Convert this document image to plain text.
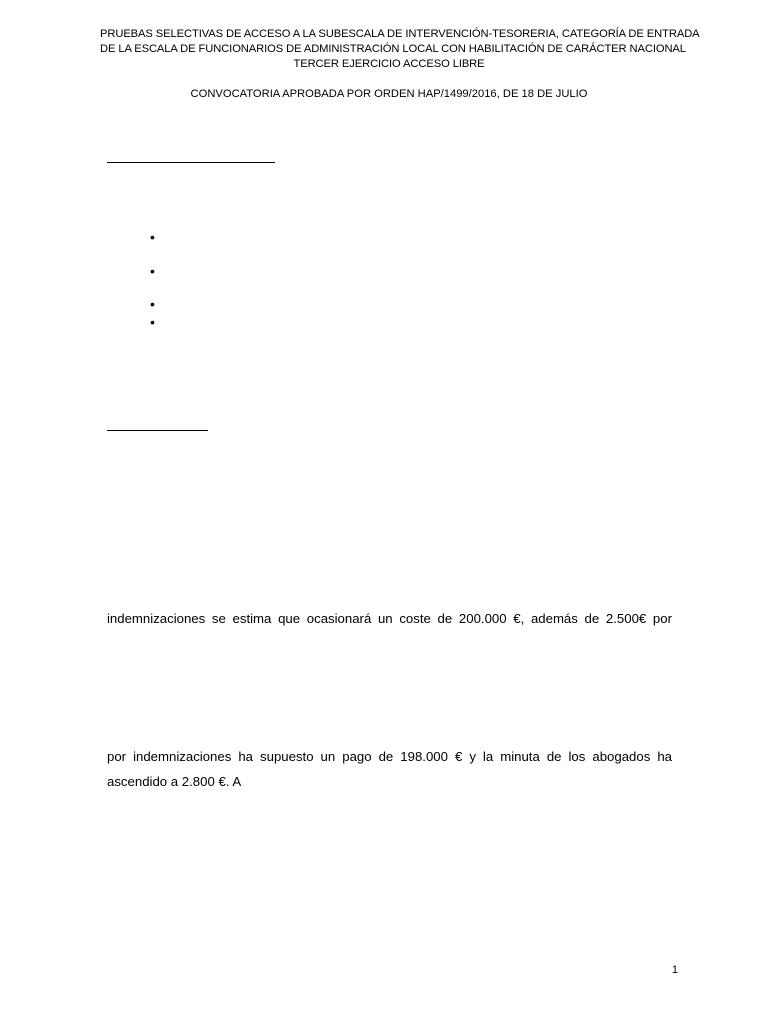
PRUEBAS SELECTIVAS DE ACCESO A LA SUBESCALA DE INTERVENCIÓN-TESORERIA, CATEGORÍA DE ENTRADA
DE LA ESCALA DE FUNCIONARIOS DE ADMINISTRACIÓN LOCAL CON HABILITACIÓN DE CARÁCTER NACIONAL
TERCER EJERCICIO ACCESO LIBRE
CONVOCATORIA APROBADA POR ORDEN HAP/1499/2016, DE 18 DE JULIO
•
•
•
•
indemnizaciones se estima que ocasionará un coste de 200.000 €, además de 2.500€ por
por indemnizaciones ha supuesto un pago de 198.000 € y la minuta de los abogados ha
ascendido a 2.800 €. A
1
